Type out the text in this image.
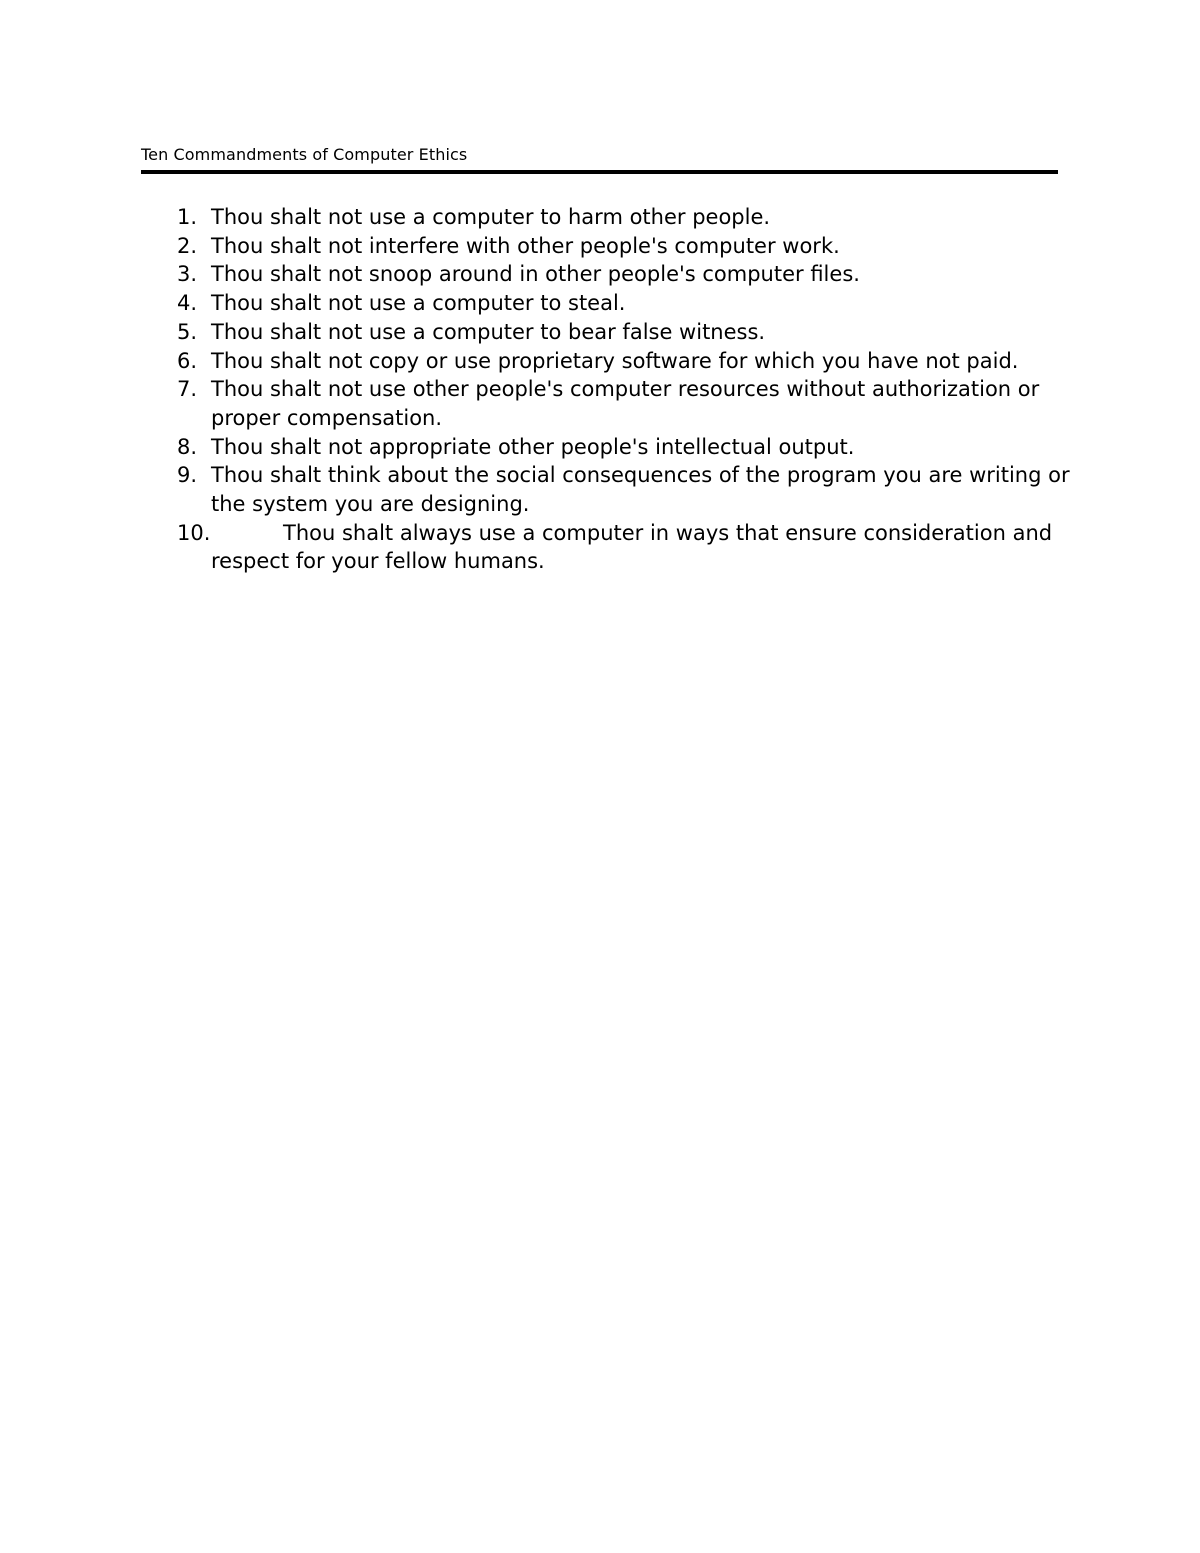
Ten Commandments of Computer Ethics
1. Thou shalt not use a computer to harm other people.
2. Thou shalt not interfere with other people's computer work.
3. Thou shalt not snoop around in other people's computer files.
4. Thou shalt not use a computer to steal.
5. Thou shalt not use a computer to bear false witness.
6. Thou shalt not copy or use proprietary software for which you have not paid.
7. Thou shalt not use other people's computer resources without authorization or proper compensation.
8. Thou shalt not appropriate other people's intellectual output.
9. Thou shalt think about the social consequences of the program you are writing or the system you are designing.
10.	Thou shalt always use a computer in ways that ensure consideration and respect for your fellow humans.
